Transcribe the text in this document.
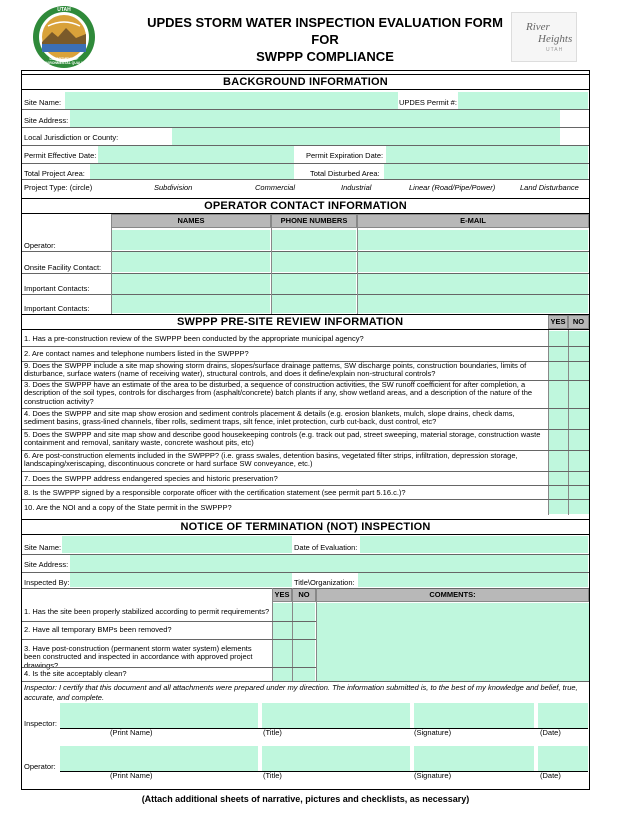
UTAH
DEPARTMENT OF ENVIRONMENTAL QUALITY
River
Heights
UTAH
UPDES STORM WATER INSPECTION EVALUATION FORM
FOR
SWPPP COMPLIANCE
BACKGROUND INFORMATION
Site Name:	UPDES Permit #:
Site Address:
Local Jurisdiction or County:
Permit Effective Date:	Permit Expiration Date:
Total Project Area:	Total Disturbed Area:
Project Type: (circle)	Subdivision	Commercial	Industrial	Linear (Road/Pipe/Power)	Land Disturbance
OPERATOR CONTACT INFORMATION
NAMES	PHONE NUMBERS	E-MAIL
Operator:
Onsite Facility Contact:
Important Contacts:
Important Contacts:
SWPPP PRE-SITE REVIEW INFORMATION	YES NO
1. Has a pre-construction review of the SWPPP been conducted by the appropriate municipal agency?
2. Are contact names and telephone numbers listed in the SWPPP?
9. Does the SWPPP include a site map showing storm drains, slopes/surface drainage patterns, SW discharge points, construction boundaries, limits of disturbance, surface waters (name of receiving water), structural controls, and does it define/explain non-structural controls?
3. Does the SWPPP have an estimate of the area to be disturbed, a sequence of construction activities, the SW runoff coefficient for after completion, a description of the soil types, controls for discharges from (asphalt/concrete) batch plants if any, show wetland areas, and a description of the nature of the construction activity?
4. Does the SWPPP and site map show erosion and sediment controls placement & details (e.g. erosion blankets, mulch, slope drains, check dams, sediment basins, grass-lined channels, fiber rolls, sediment traps, silt fence, inlet protection, curb cut-back, dust control, etc?
5. Does the SWPPP and site map show and describe good housekeeping controls (e.g. track out pad, street sweeping, material storage, construction waste containment and removal, sanitary waste, concrete washout pits, etc)
6. Are post-construction elements included in the SWPPP? (i.e. grass swales, detention basins, vegetated filter strips, infiltration, depression storage, landscaping/xeriscaping, discontinuous concrete or hard surface SW conveyance, etc.)
7. Does the SWPPP address endangered species and historic preservation?
8. Is the SWPPP signed by a responsible corporate officer with the certification statement (see permit part 5.16.c.)?
10. Are the NOI and a copy of the State permit in the SWPPP?
NOTICE OF TERMINATION (NOT) INSPECTION
Site Name:	Date of Evaluation:
Site Address:
Inspected By:	Title\Organization:
YES	NO	COMMENTS:
1. Has the site been properly stabilized according to permit requirements?
2. Have all temporary BMPs been removed?
3. Have post-construction (permanent storm water system) elements been constructed and inspected in accordance with approved project drawings?
4. Is the site acceptably clean?
Inspector: I certify that this document and all attachments were prepared under my direction. The information submitted is, to the best of my knowledge and belief, true, accurate, and complete.
Inspector:
(Print Name)	(Title)	(Signature)	(Date)
Operator:
(Print Name)	(Title)	(Signature)	(Date)
(Attach additional sheets of narrative, pictures and checklists, as necessary)
